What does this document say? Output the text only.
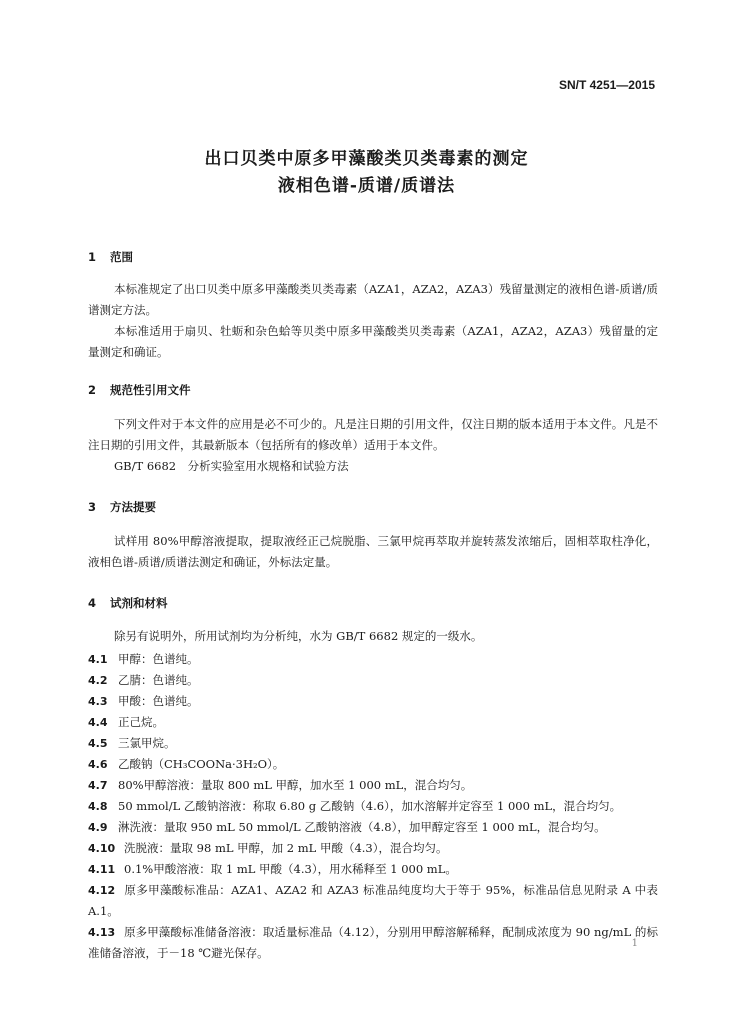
SN/T 4251—2015
出口贝类中原多甲藻酸类贝类毒素的测定
液相色谱-质谱/质谱法
1 范围
本标准规定了出口贝类中原多甲藻酸类贝类毒素（AZA1，AZA2，AZA3）残留量测定的液相色谱-质谱/质谱测定方法。
本标准适用于扇贝、牡蛎和杂色蛤等贝类中原多甲藻酸类贝类毒素（AZA1，AZA2，AZA3）残留量的定量测定和确证。
2 规范性引用文件
下列文件对于本文件的应用是必不可少的。凡是注日期的引用文件，仅注日期的版本适用于本文件。凡是不注日期的引用文件，其最新版本（包括所有的修改单）适用于本文件。
GB/T 6682　分析实验室用水规格和试验方法
3 方法提要
试样用 80%甲醇溶液提取，提取液经正己烷脱脂、三氯甲烷再萃取并旋转蒸发浓缩后，固相萃取柱净化，液相色谱-质谱/质谱法测定和确证，外标法定量。
4 试剂和材料
除另有说明外，所用试剂均为分析纯，水为 GB/T 6682 规定的一级水。
4.1 甲醇：色谱纯。
4.2 乙腈：色谱纯。
4.3 甲酸：色谱纯。
4.4 正己烷。
4.5 三氯甲烷。
4.6 乙酸钠（CH₃COONa·3H₂O）。
4.7 80%甲醇溶液：量取 800 mL 甲醇，加水至 1 000 mL，混合均匀。
4.8 50 mmol/L 乙酸钠溶液：称取 6.80 g 乙酸钠（4.6），加水溶解并定容至 1 000 mL，混合均匀。
4.9 淋洗液：量取 950 mL 50 mmol/L 乙酸钠溶液（4.8），加甲醇定容至 1 000 mL，混合均匀。
4.10 洗脱液：量取 98 mL 甲醇，加 2 mL 甲酸（4.3），混合均匀。
4.11 0.1%甲酸溶液：取 1 mL 甲酸（4.3），用水稀释至 1 000 mL。
4.12 原多甲藻酸标准品：AZA1、AZA2 和 AZA3 标准品纯度均大于等于 95%，标准品信息见附录 A 中表 A.1。
4.13 原多甲藻酸标准储备溶液：取适量标准品（4.12），分别用甲醇溶解稀释，配制成浓度为 90 ng/mL 的标准储备溶液，于－18 ℃避光保存。
1
